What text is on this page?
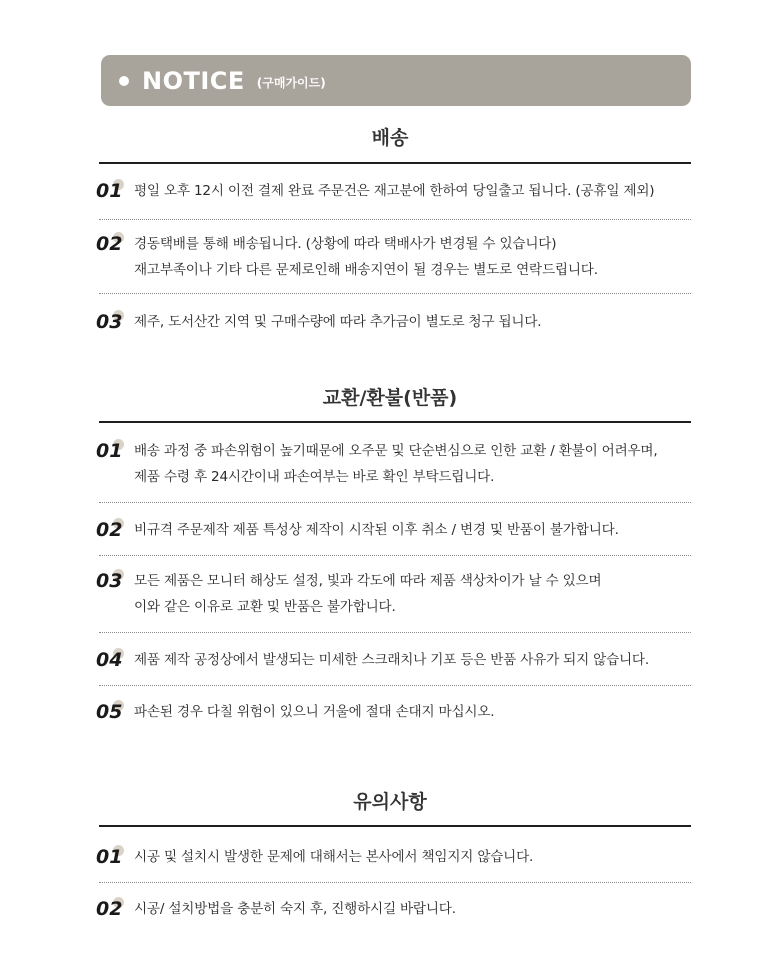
NOTICE (구매가이드)
배송
01 평일 오후 12시 이전 결제 완료 주문건은 재고분에 한하여 당일출고 됩니다. (공휴일 제외)
02 경동택배를 통해 배송됩니다. (상황에 따라 택배사가 변경될 수 있습니다)
재고부족이나 기타 다른 문제로인해 배송지연이 될 경우는 별도로 연락드립니다.
03 제주, 도서산간 지역 및 구매수량에 따라 추가금이 별도로 청구 됩니다.
교환/환불(반품)
01 배송 과정 중 파손위험이 높기때문에 오주문 및 단순변심으로 인한 교환 / 환불이 어려우며,
제품 수령 후 24시간이내 파손여부는 바로 확인 부탁드립니다.
02 비규격 주문제작 제품 특성상 제작이 시작된 이후 취소 / 변경 및 반품이 불가합니다.
03 모든 제품은 모니터 해상도 설정, 빛과 각도에 따라 제품 색상차이가 날 수 있으며
이와 같은 이유로 교환 및 반품은 불가합니다.
04 제품 제작 공정상에서 발생되는 미세한 스크래치나 기포 등은 반품 사유가 되지 않습니다.
05 파손된 경우 다칠 위험이 있으니 거울에 절대 손대지 마십시오.
유의사항
01 시공 및 설치시 발생한 문제에 대해서는 본사에서 책임지지 않습니다.
02 시공/ 설치방법을 충분히 숙지 후, 진행하시길 바랍니다.
